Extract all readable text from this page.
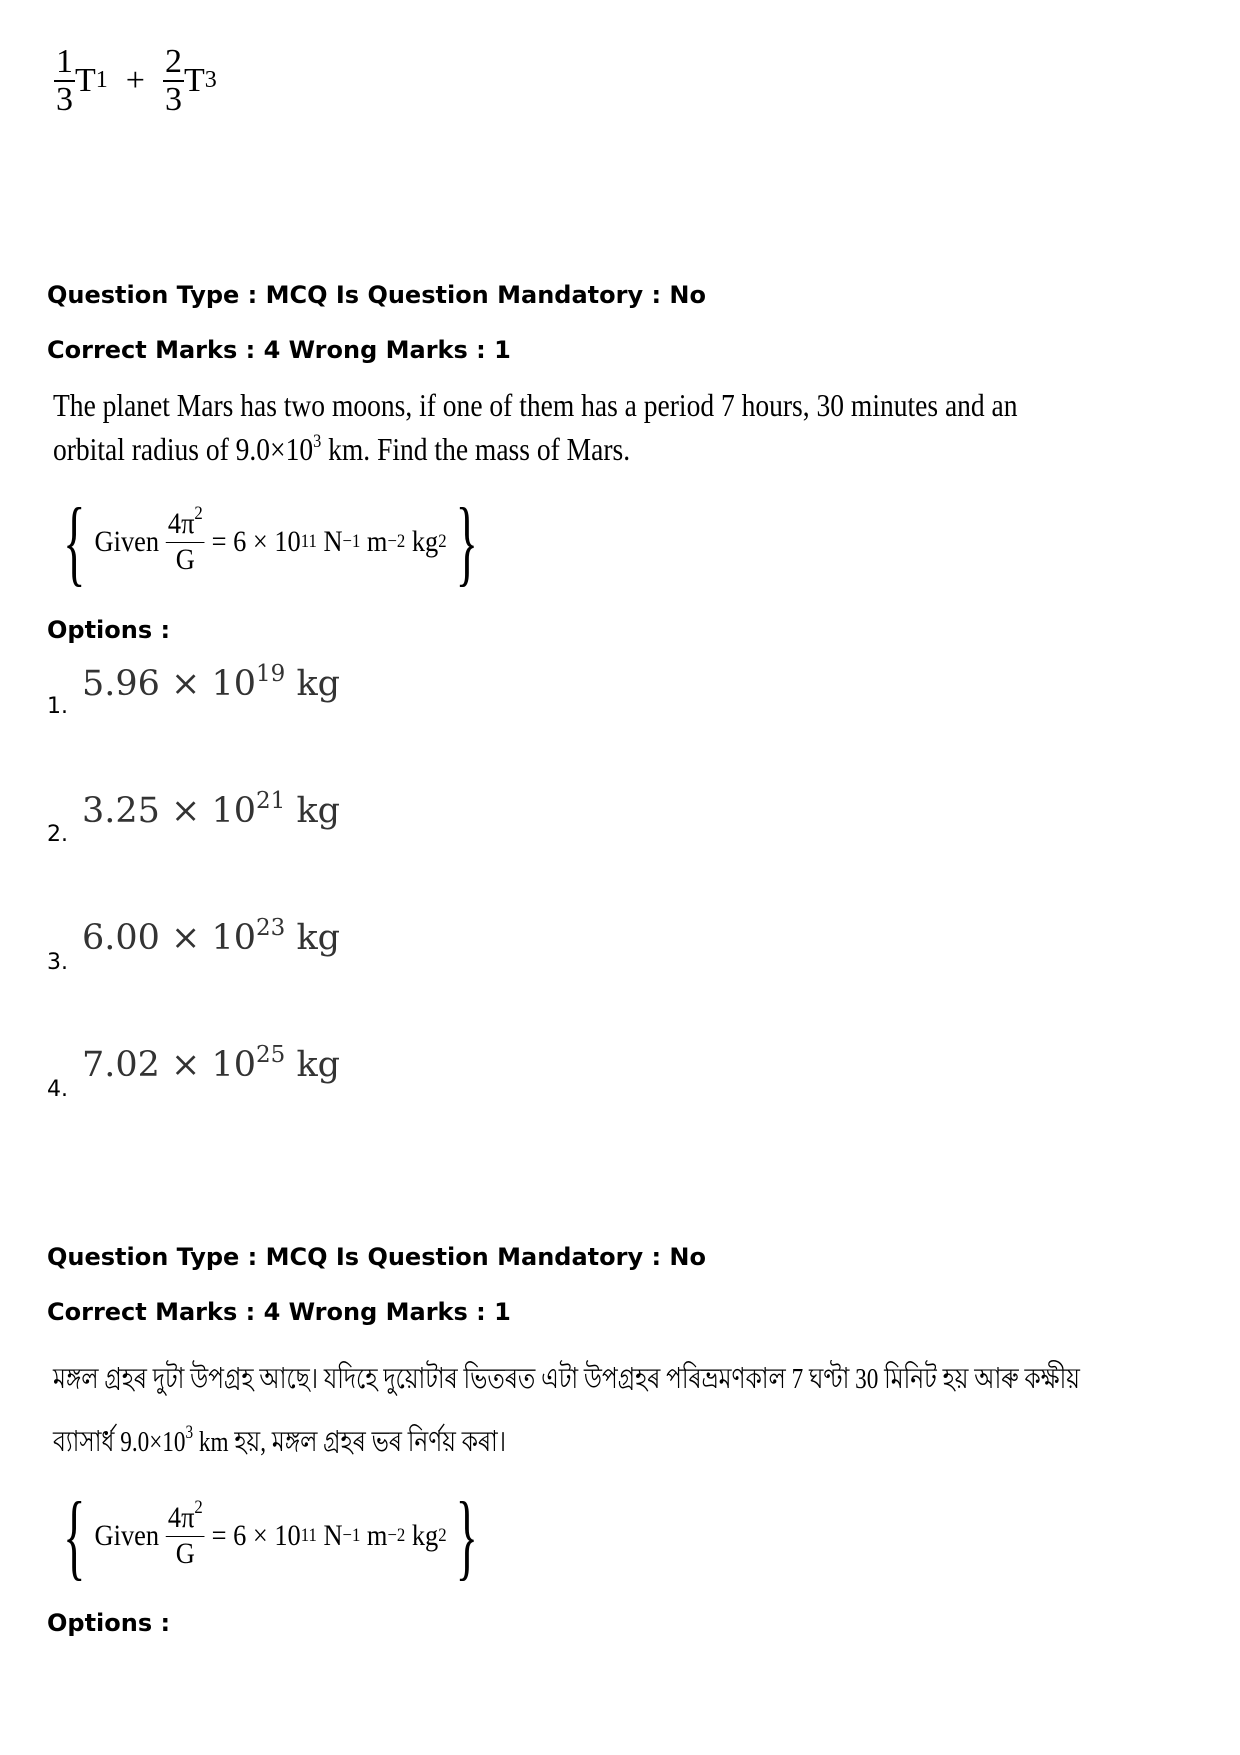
$\frac{1}{3}$ T $1 + \frac{2}{3}$ T 3
Question Type : MCQ Is Question Mandatory : No
Correct Marks : 4 Wrong Marks : 1
The planet Mars has two moons, if one of them has a period 7 hours, 30 minutes and an
orbital radius of $9.0\times 10^3$ km. Find the mass of Mars.
{ Given $\frac{4\pi^2}{G} = 6 \times 10$ 11 N −1 m −2 kg 2 }
Options :
1.
$5.96 \times 10^{19}$ kg
2.
$3.25 \times 10^{21}$ kg
3.
$6.00 \times 10^{23}$ kg
4.
$7.02 \times 10^{25}$ kg
Question Type : MCQ Is Question Mandatory : No
Correct Marks : 4 Wrong Marks : 1
মঙ্গল গ্ৰহৰ দুটা উপগ্ৰহ আছে। যদিহে দুয়োটাৰ ভিতৰত এটা উপগ্ৰহৰ পৰিভ্ৰমণকাল 7 ঘণ্টা 30 মিনিট হয় আৰু কক্ষীয়
ব্যাসাৰ্ধ $9.0\times 10^3$ km হয়, মঙ্গল গ্ৰহৰ ভৰ নিৰ্ণয় কৰা।
{ Given $\frac{4\pi^2}{G} = 6 \times 10$ 11 N −1 m −2 kg 2 }
Options :
